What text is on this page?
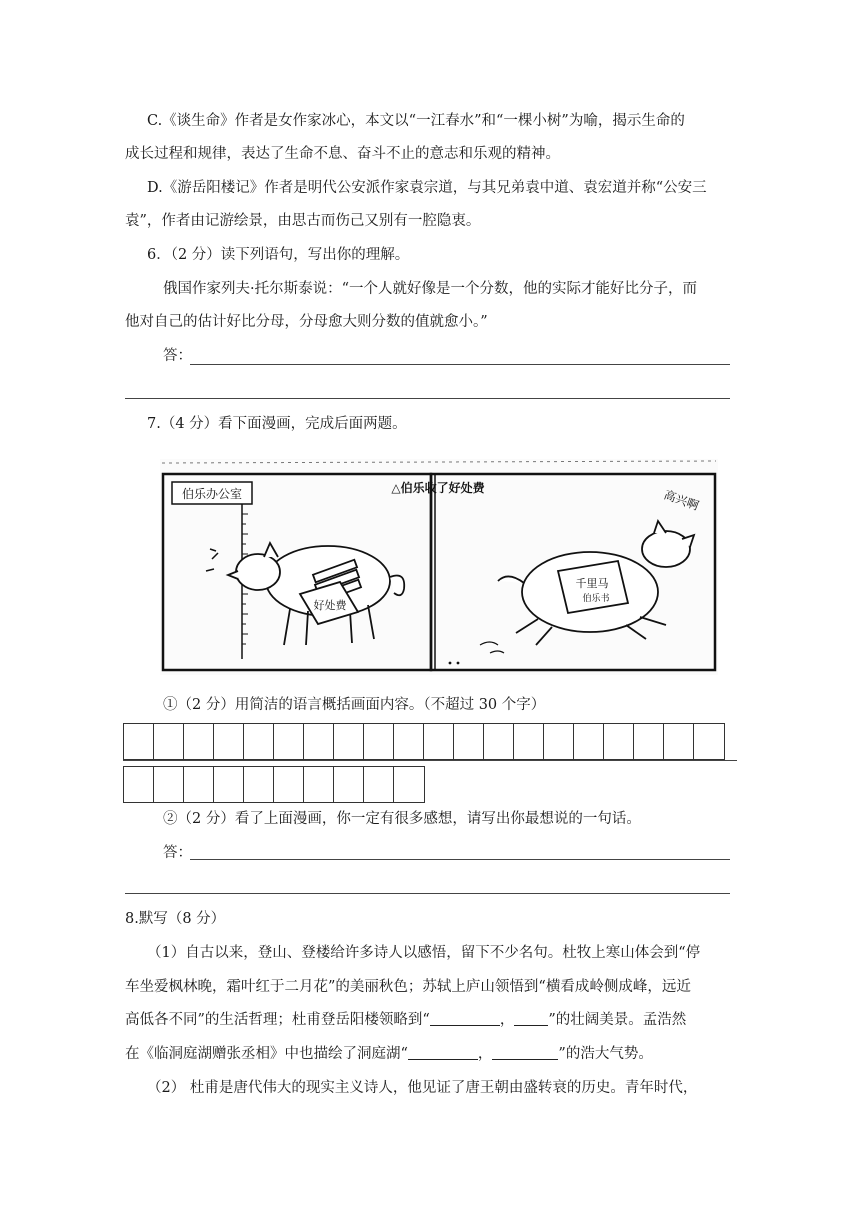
C.《谈生命》作者是女作家冰心，本文以“一江春水”和“一棵小树”为喻，揭示生命的
成长过程和规律，表达了生命不息、奋斗不止的意志和乐观的精神。
D.《游岳阳楼记》作者是明代公安派作家袁宗道，与其兄弟袁中道、袁宏道并称“公安三
袁”，作者由记游绘景，由思古而伤己又别有一腔隐衷。
6．（2 分）读下列语句，写出你的理解。
俄国作家列夫·托尔斯泰说：“一个人就好像是一个分数，他的实际才能好比分子，而
他对自己的估计好比分母，分母愈大则分数的值就愈小。”
答：
7.（4 分）看下面漫画，完成后面两题。
伯乐办公室	△伯乐收了好处费
好处费
千里马
伯乐书
高兴啊
①（2 分）用简洁的语言概括画面内容。（不超过 30 个字）
②（2 分）看了上面漫画，你一定有很多感想，请写出你最想说的一句话。
答：
8.默写（8 分）
（1）自古以来，登山、登楼给许多诗人以感悟，留下不少名句。杜牧上寒山体会到“停
车坐爱枫林晚，霜叶红于二月花”的美丽秋色；苏轼上庐山领悟到“横看成岭侧成峰，远近
高低各不同”的生活哲理；杜甫登岳阳楼领略到“	， ”的壮阔美景。孟浩然
在《临洞庭湖赠张丞相》中也描绘了洞庭湖“	，	”的浩大气势。
（2） 杜甫是唐代伟大的现实主义诗人，他见证了唐王朝由盛转衰的历史。青年时代，
